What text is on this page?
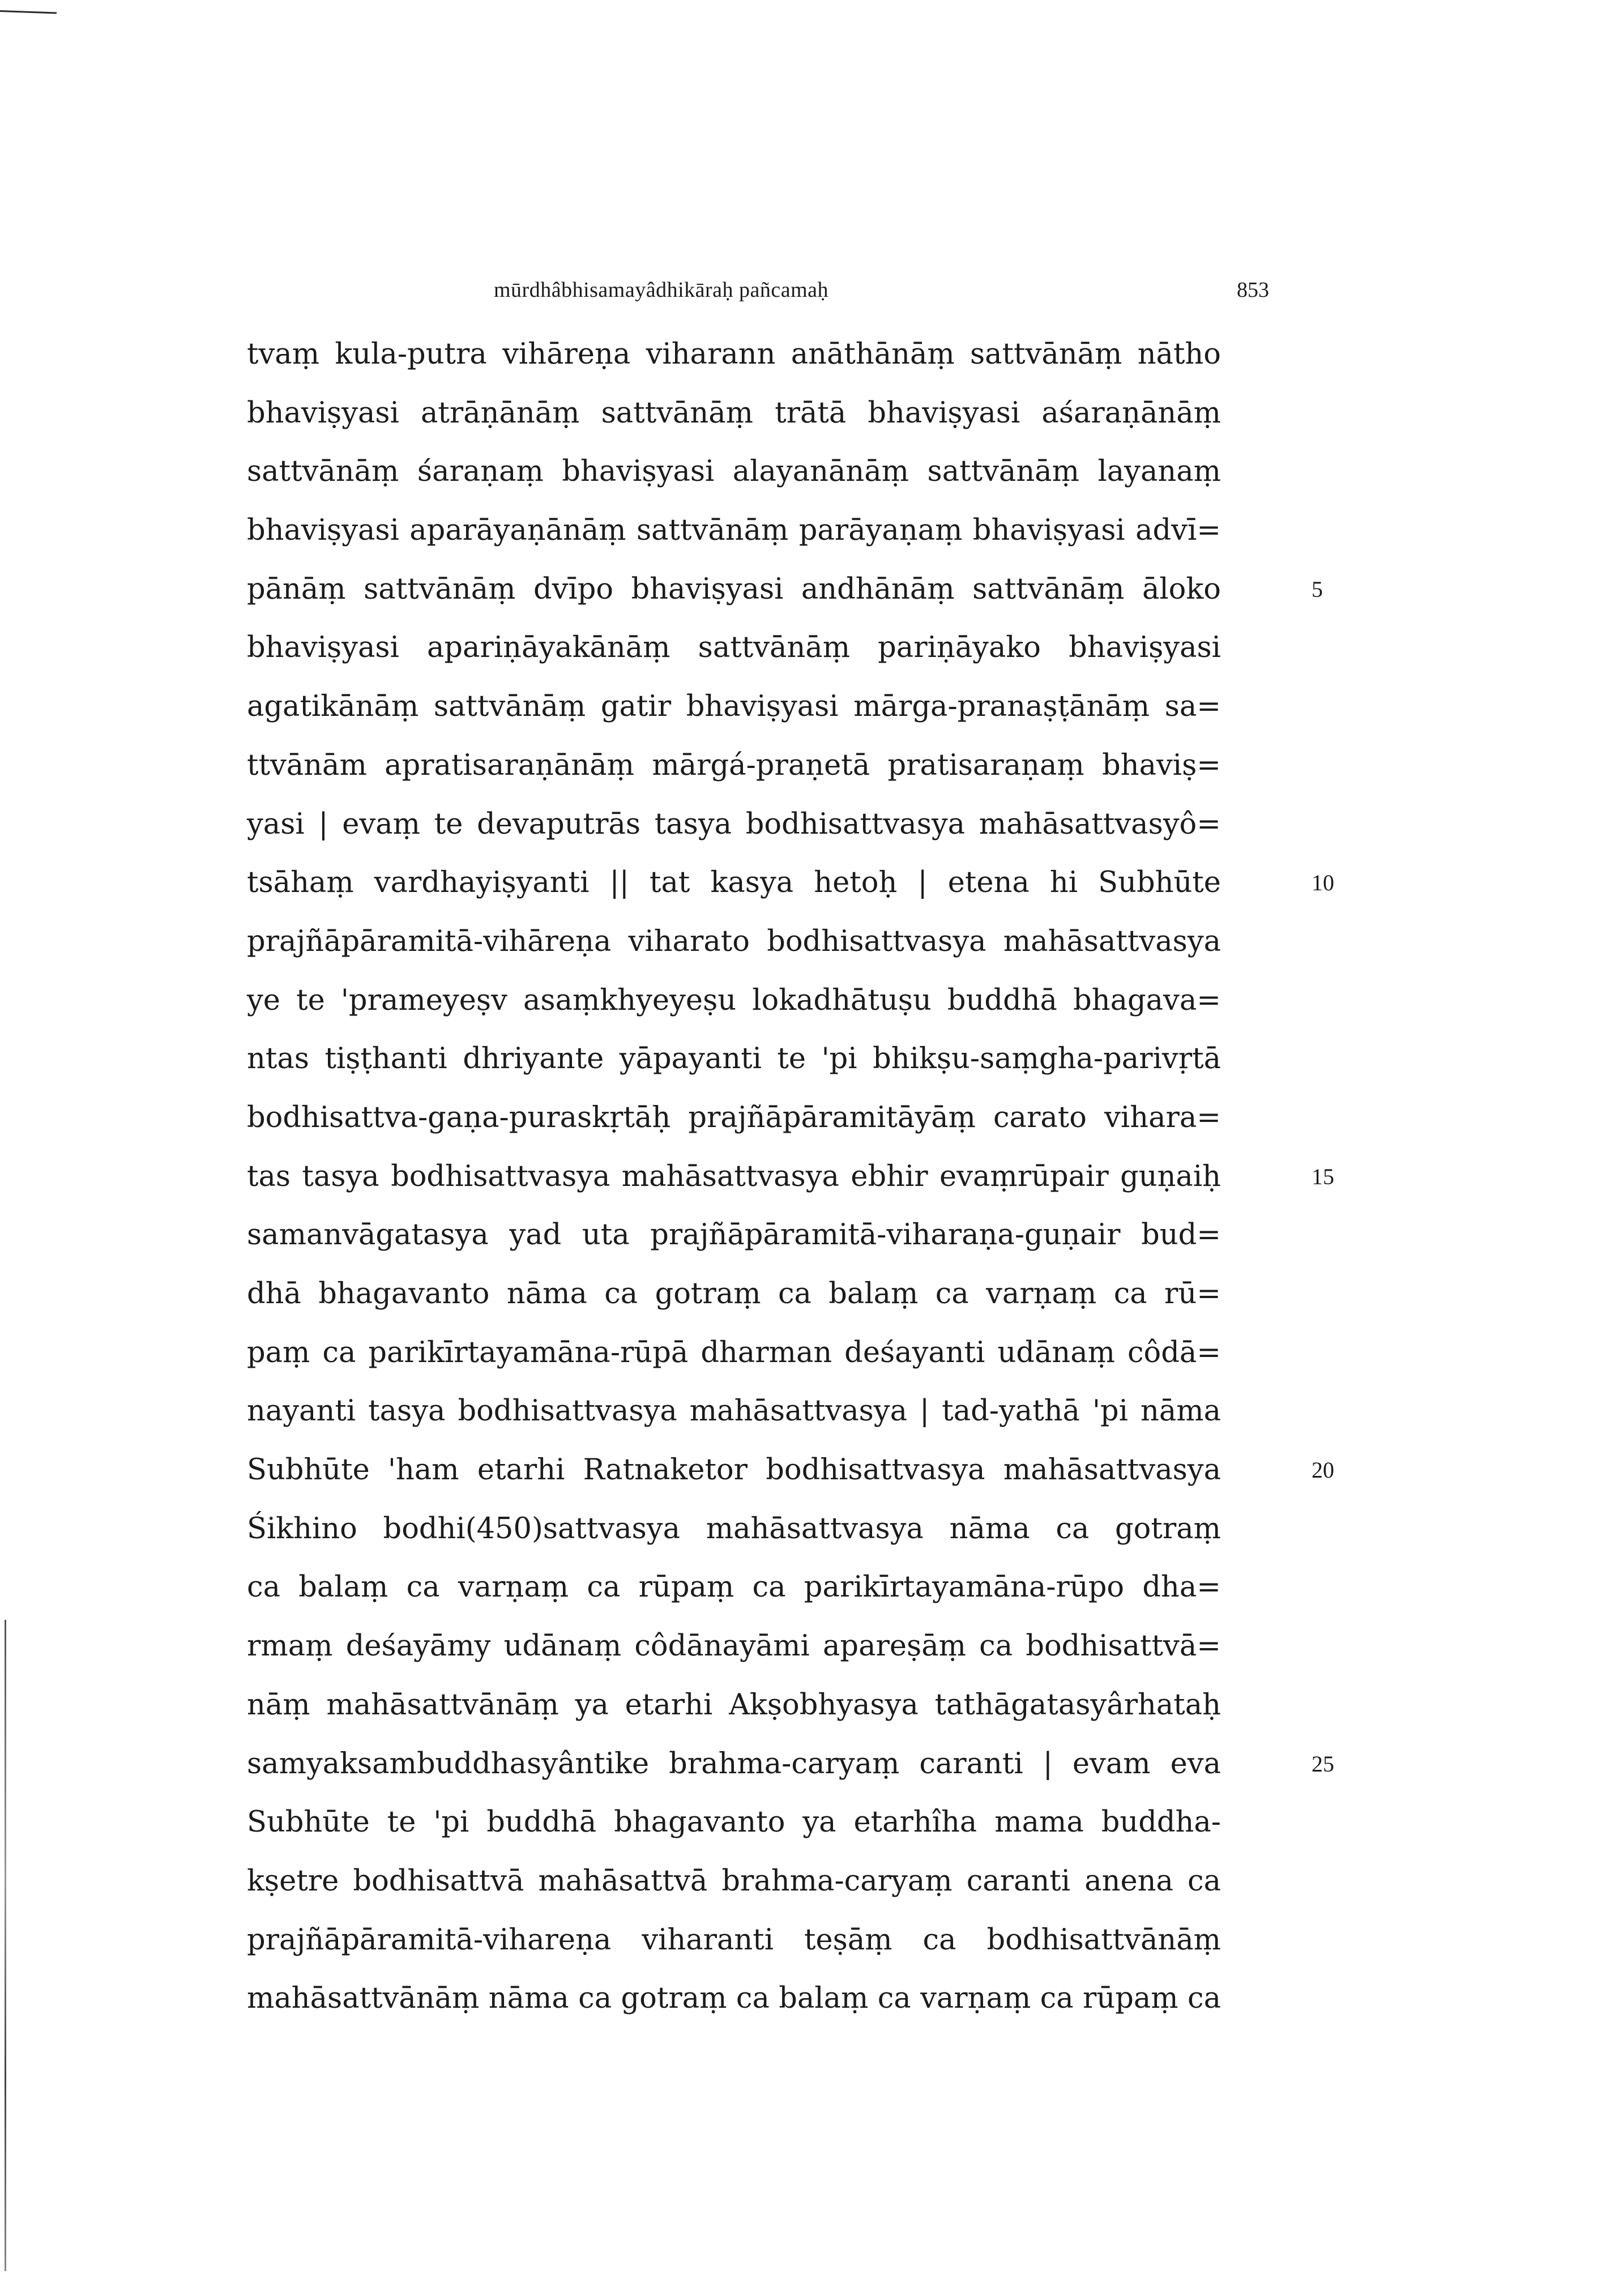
mūrdhâbhisamayâdhikāraḥ pañcamaḥ	853
tvaṃ kula-putra vihāreṇa viharann anāthānāṃ sattvānāṃ nātho
bhaviṣyasi atrāṇānāṃ sattvānāṃ trātā bhaviṣyasi aśaraṇānāṃ
sattvānāṃ śaraṇaṃ bhaviṣyasi alayanānāṃ sattvānāṃ layanaṃ
bhaviṣyasi aparāyaṇānāṃ sattvānāṃ parāyaṇaṃ bhaviṣyasi advī=
pānāṃ sattvānāṃ dvīpo bhaviṣyasi andhānāṃ sattvānāṃ āloko
bhaviṣyasi apariṇāyakānāṃ sattvānāṃ pariṇāyako bhaviṣyasi
agatikānāṃ sattvānāṃ gatir bhaviṣyasi mārga-pranaṣṭānāṃ sa=
ttvānām apratisaraṇānāṃ mārgá-praṇetā pratisaraṇaṃ bhaviṣ=
yasi | evaṃ te devaputrās tasya bodhisattvasya mahāsattvasyô=
tsāhaṃ vardhayiṣyanti || tat kasya hetoḥ | etena hi Subhūte
prajñāpāramitā-vihāreṇa viharato bodhisattvasya mahāsattvasya
ye te 'prameyeṣv asaṃkhyeyeṣu lokadhātuṣu buddhā bhagava=
ntas tiṣṭhanti dhriyante yāpayanti te 'pi bhikṣu-saṃgha-parivṛtā
bodhisattva-gaṇa-puraskṛtāḥ prajñāpāramitāyāṃ carato vihara=
tas tasya bodhisattvasya mahāsattvasya ebhir evaṃrūpair guṇaiḥ
samanvāgatasya yad uta prajñāpāramitā-viharaṇa-guṇair bud=
dhā bhagavanto nāma ca gotraṃ ca balaṃ ca varṇaṃ ca rū=
paṃ ca parikīrtayamāna-rūpā dharman deśayanti udānaṃ côdā=
nayanti tasya bodhisattvasya mahāsattvasya | tad-yathā 'pi nāma
Subhūte 'ham etarhi Ratnaketor bodhisattvasya mahāsattvasya
Śikhino bodhi(450)sattvasya mahāsattvasya nāma ca gotraṃ
ca balaṃ ca varṇaṃ ca rūpaṃ ca parikīrtayamāna-rūpo dha=
rmaṃ deśayāmy udānaṃ côdānayāmi apareṣāṃ ca bodhisattvā=
nāṃ mahāsattvānāṃ ya etarhi Akṣobhyasya tathāgatasyârhataḥ
samyaksambuddhasyântike brahma-caryaṃ caranti | evam eva
Subhūte te 'pi buddhā bhagavanto ya etarhîha mama buddha-
kṣetre bodhisattvā mahāsattvā brahma-caryaṃ caranti anena ca
prajñāpāramitā-vihareṇa viharanti teṣāṃ ca bodhisattvānāṃ
mahāsattvānāṃ nāma ca gotraṃ ca balaṃ ca varṇaṃ ca rūpaṃ ca
5
10
15
20
25
